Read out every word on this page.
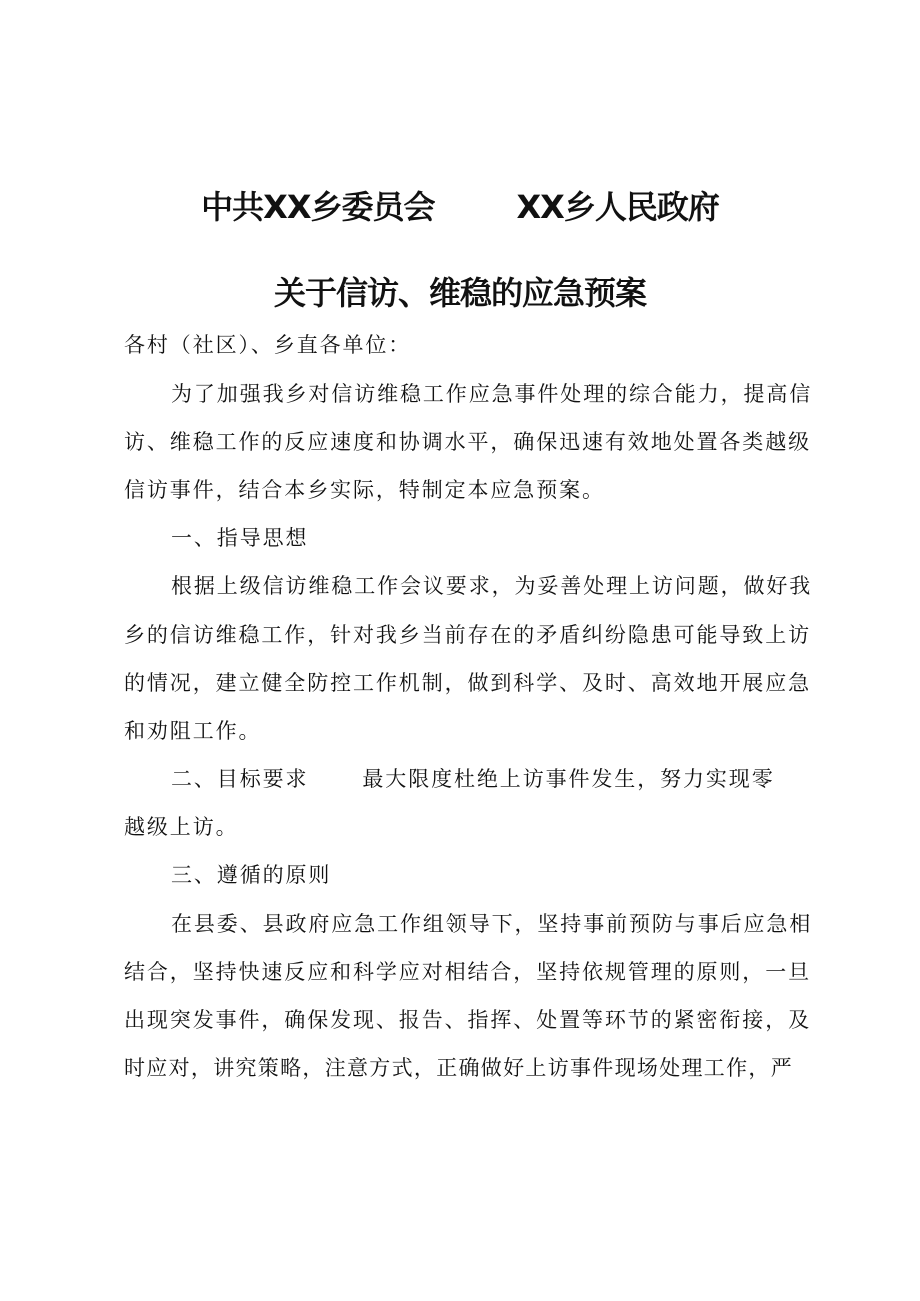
中共XX乡委员会	XX乡人民政府
关于信访、维稳的应急预案
各村（社区）、乡直各单位：
为了加强我乡对信访维稳工作应急事件处理的综合能力，提高信
访、维稳工作的反应速度和协调水平，确保迅速有效地处置各类越级
信访事件，结合本乡实际，特制定本应急预案。
一、指导思想
根据上级信访维稳工作会议要求，为妥善处理上访问题，做好我
乡的信访维稳工作，针对我乡当前存在的矛盾纠纷隐患可能导致上访
的情况，建立健全防控工作机制，做到科学、及时、高效地开展应急
和劝阻工作。
二、目标要求	最大限度杜绝上访事件发生，努力实现零
越级上访。
三、遵循的原则
在县委、县政府应急工作组领导下，坚持事前预防与事后应急相
结合，坚持快速反应和科学应对相结合，坚持依规管理的原则，一旦
出现突发事件，确保发现、报告、指挥、处置等环节的紧密衔接，及
时应对，讲究策略，注意方式，正确做好上访事件现场处理工作，严
